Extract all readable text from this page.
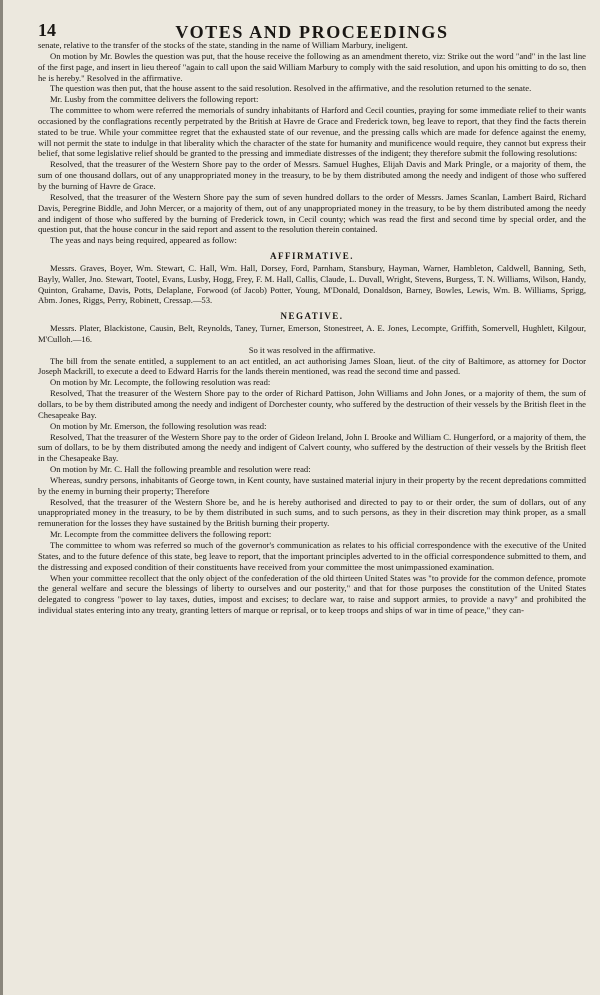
14	VOTES AND PROCEEDINGS

senate, relative to the transfer of the stocks of the state, standing in the name of William Marbury, ineligent.

On motion by Mr. Bowles the question was put, that the house receive the following as an amendment thereto, viz: Strike out the word "and" in the last line of the first page, and insert in lieu thereof "again to call upon the said William Marbury to comply with the said resolution, and upon his omitting to do so, then he is hereby." Resolved in the affirmative.

The question was then put, that the house assent to the said resolution. Resolved in the affirmative, and the resolution returned to the senate.

Mr. Lusby from the committee delivers the following report:

The committee to whom were referred the memorials of sundry inhabitants of Harford and Cecil counties, praying for some immediate relief to their wants occasioned by the conflagrations recently perpetrated by the British at Havre de Grace and Frederick town, beg leave to report, that they find the facts therein stated to be true. While your committee regret that the exhausted state of our revenue, and the pressing calls which are made for defence against the enemy, will not permit the state to indulge in that liberality which the character of the state for humanity and munificence would require, they cannot but express their belief, that some legislative relief should be granted to the pressing and immediate distresses of the indigent; they therefore submit the following resolutions:

Resolved, that the treasurer of the Western Shore pay to the order of Messrs. Samuel Hughes, Elijah Davis and Mark Pringle, or a majority of them, the sum of one thousand dollars, out of any unappropriated money in the treasury, to be by them distributed among the needy and indigent of those who suffered by the burning of Havre de Grace.

Resolved, that the treasurer of the Western Shore pay the sum of seven hundred dollars to the order of Messrs. James Scanlan, Lambert Baird, Richard Davis, Peregrine Biddle, and John Mercer, or a majority of them, out of any unappropriated money in the treasury, to be by them distributed among the needy and indigent of those who suffered by the burning of Frederick town, in Cecil county; which was read the first and second time by special order, and the question put, that the house concur in the said report and assent to the resolution therein contained.

The yeas and nays being required, appeared as follow:

AFFIRMATIVE.

Messrs. Graves, Boyer, Wm. Stewart, C. Hall, Wm. Hall, Dorsey, Ford, Parnham, Stansbury, Hayman, Warner, Hambleton, Caldwell, Banning, Seth, Bayly, Waller, Jno. Stewart, Tootel, Evans, Lusby, Hogg, Frey, F. M. Hall, Callis, Claude, L. Duvall, Wright, Stevens, Burgess, T. N. Williams, Wilson, Handy, Quinton, Grahame, Davis, Potts, Delaplane, Forwood (of Jacob) Potter, Young, M'Donald, Donaldson, Barney, Bowles, Lewis, Wm. B. Williams, Sprigg, Abm. Jones, Riggs, Perry, Robinett, Cressap.—53.

NEGATIVE.

Messrs. Plater, Blackistone, Causin, Belt, Reynolds, Taney, Turner, Emerson, Stonestreet, A. E. Jones, Lecompte, Griffith, Somervell, Hughlett, Kilgour, M'Culloh.—16.

So it was resolved in the affirmative.

The bill from the senate entitled, a supplement to an act entitled, an act authorising James Sloan, lieut. of the city of Baltimore, as attorney for Doctor Joseph Mackrill, to execute a deed to Edward Harris for the lands therein mentioned, was read the second time and passed.

On motion by Mr. Lecompte, the following resolution was read:

Resolved, That the treasurer of the Western Shore pay to the order of Richard Pattison, John Williams and John Jones, or a majority of them, the sum of dollars, to be by them distributed among the needy and indigent of Dorchester county, who suffered by the destruction of their vessels by the British fleet in the Chesapeake Bay.

On motion by Mr. Emerson, the following resolution was read:

Resolved, That the treasurer of the Western Shore pay to the order of Gideon Ireland, John I. Brooke and William C. Hungerford, or a majority of them, the sum of dollars, to be by them distributed among the needy and indigent of Calvert county, who suffered by the destruction of their vessels by the British fleet in the Chesapeake Bay.

On motion by Mr. C. Hall the following preamble and resolution were read:

Whereas, sundry persons, inhabitants of George town, in Kent county, have sustained material injury in their property by the recent depredations committed by the enemy in burning their property; Therefore

Resolved, that the treasurer of the Western Shore be, and he is hereby authorised and directed to pay to or their order, the sum of dollars, out of any unappropriated money in the treasury, to be by them distributed in such sums, and to such persons, as they in their discretion may think proper, as a small remuneration for the losses they have sustained by the British burning their property.

Mr. Lecompte from the committee delivers the following report:

The committee to whom was referred so much of the governor's communication as relates to his official correspondence with the executive of the United States, and to the future defence of this state, beg leave to report, that the important principles adverted to in the official correspondence submitted to them, and the distressing and exposed condition of their constituents have received from your committee the most unimpassioned examination.

When your committee recollect that the only object of the confederation of the old thirteen United States was "to provide for the common defence, promote the general welfare and secure the blessings of liberty to ourselves and our posterity," and that for those purposes the constitution of the United States delegated to congress "power to lay taxes, duties, impost and excises; to declare war, to raise and support armies, to provide a navy" and prohibited the individual states entering into any treaty, granting letters of marque or reprisal, or to keep troops and ships of war in time of peace," they can-
